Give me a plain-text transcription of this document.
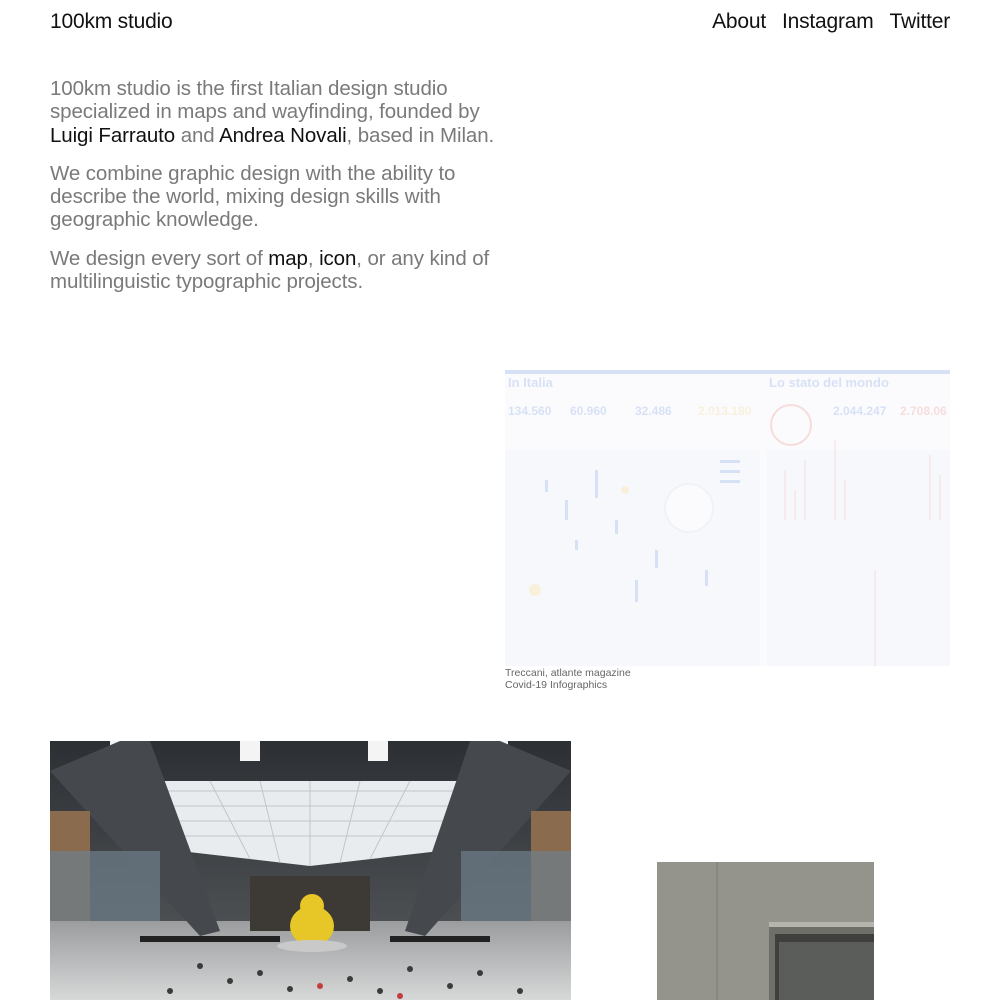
100km studio	About Instagram Twitter

100km studio is the first Italian design studio specialized in maps and wayfinding, founded by Luigi Farrauto and Andrea Novali, based in Milan.

We combine graphic design with the ability to describe the world, mixing design skills with geographic knowledge.

We design every sort of map, icon, or any kind of multilinguistic typographic projects.

In Italia	Lo stato del mondo
134.560 60.960 32.486 2.013.180	2.044.247 2.708.06
Treccani, atlante magazine
Covid-19 Infographics
